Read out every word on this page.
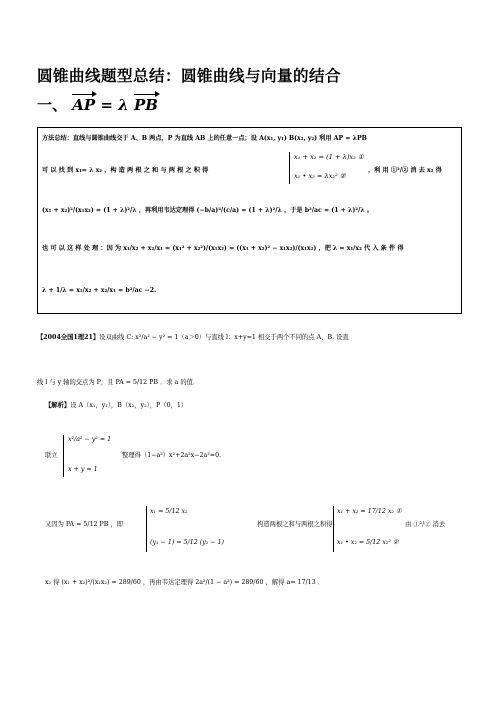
圆锥曲线题型总结：圆锥曲线与向量的结合
一、 AP = λ PB
方法总结：直线与圆锥曲线交于 A、B 两点，P 为直线 AB 上的任意一点；设 A(x₁, y₁) B(x₂, y₂) 利用 AP = λPB
可 以 找 到 x₁= λ x₂ ，构 造 两 根 之 和 与 两 根 之 积 得
x₁ + x₂ = (1 + λ)x₂ ①
x₁ • x₂ = λx₂² ②
，利 用 ①²/② 消 去 x₂ 得
(x₁ + x₂)²/(x₁x₂) = (1 + λ)²/λ ，再利用韦达定理得 (−b/a)²/(c/a) = (1 + λ)²/λ ，于是 b²/ac = (1 + λ)²/λ 。
也 可 以 这 样 处 理 ：因 为 x₁/x₂ + x₂/x₁ = (x₁² + x₂²)/(x₁x₂) = ((x₁ + x₂)² − x₁x₂)/(x₁x₂) ，把 λ = x₁/x₂ 代 入 条 件 得
λ + 1/λ = x₁/x₂ + x₂/x₁ = b²/ac −2.
【2004全国1理21】设双曲线 C: x²/a² − y² = 1（a＞0）与直线 l：x+y=1 相交于两个不同的点 A、B. 设直
线 l 与 y 轴的交点为 P，且 PA = 5/12 PB ．求 a 的值．
【解析】设 A（x₁，y₁），B（x₂，y₂），P（0，1）
联立
x²/a² − y² = 1
x + y = 1
整理得（1−a²）x²+2a²x−2a²=0.
又因为 PA = 5/12 PB ，即
x₁ = 5/12 x₂
(y₁ − 1) = 5/12 (y₂ − 1)
构造两根之和与两根之积得
x₁ + x₂ = 17/12 x₂ ①
x₁ • x₂ = 5/12 x₂² ②
由 ①²/② 消去
x₂ 得 (x₁ + x₂)²/(x₁x₂) = 289/60 ，再由韦达定理得 2a²/(1 − a²) = 289/60 ，解得 a= 17/13 ．
